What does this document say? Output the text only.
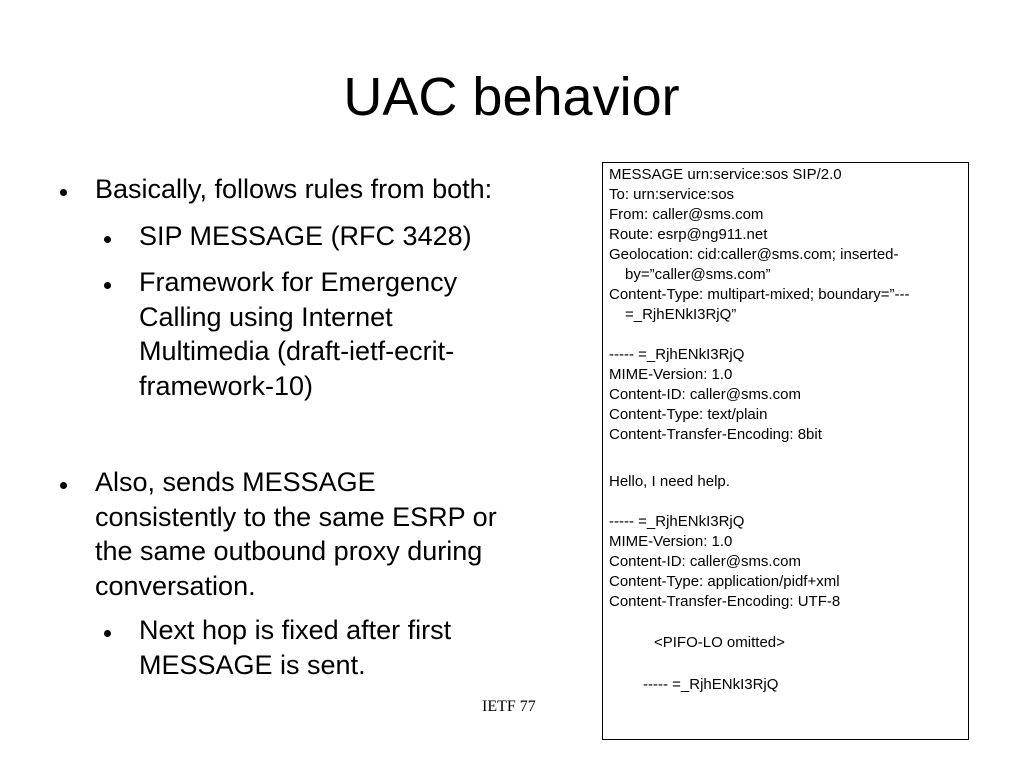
UAC behavior
Basically, follows rules from both:
SIP MESSAGE (RFC 3428)
Framework for Emergency
Calling using Internet
Multimedia (draft-ietf-ecrit-
framework-10)
Also, sends MESSAGE
consistently to the same ESRP or
the same outbound proxy during
conversation.
Next hop is fixed after first
MESSAGE is sent.
MESSAGE urn:service:sos SIP/2.0
To: urn:service:sos
From: caller@sms.com
Route: esrp@ng911.net
Geolocation: cid:caller@sms.com; inserted-
by=”caller@sms.com”
Content-Type: multipart-mixed; boundary=”---
=_RjhENkI3RjQ”
----- =_RjhENkI3RjQ
MIME-Version: 1.0
Content-ID: caller@sms.com
Content-Type: text/plain
Content-Transfer-Encoding: 8bit
Hello, I need help.
----- =_RjhENkI3RjQ
MIME-Version: 1.0
Content-ID: caller@sms.com
Content-Type: application/pidf+xml
Content-Transfer-Encoding: UTF-8
<PIFO-LO omitted>
----- =_RjhENkI3RjQ
IETF 77
